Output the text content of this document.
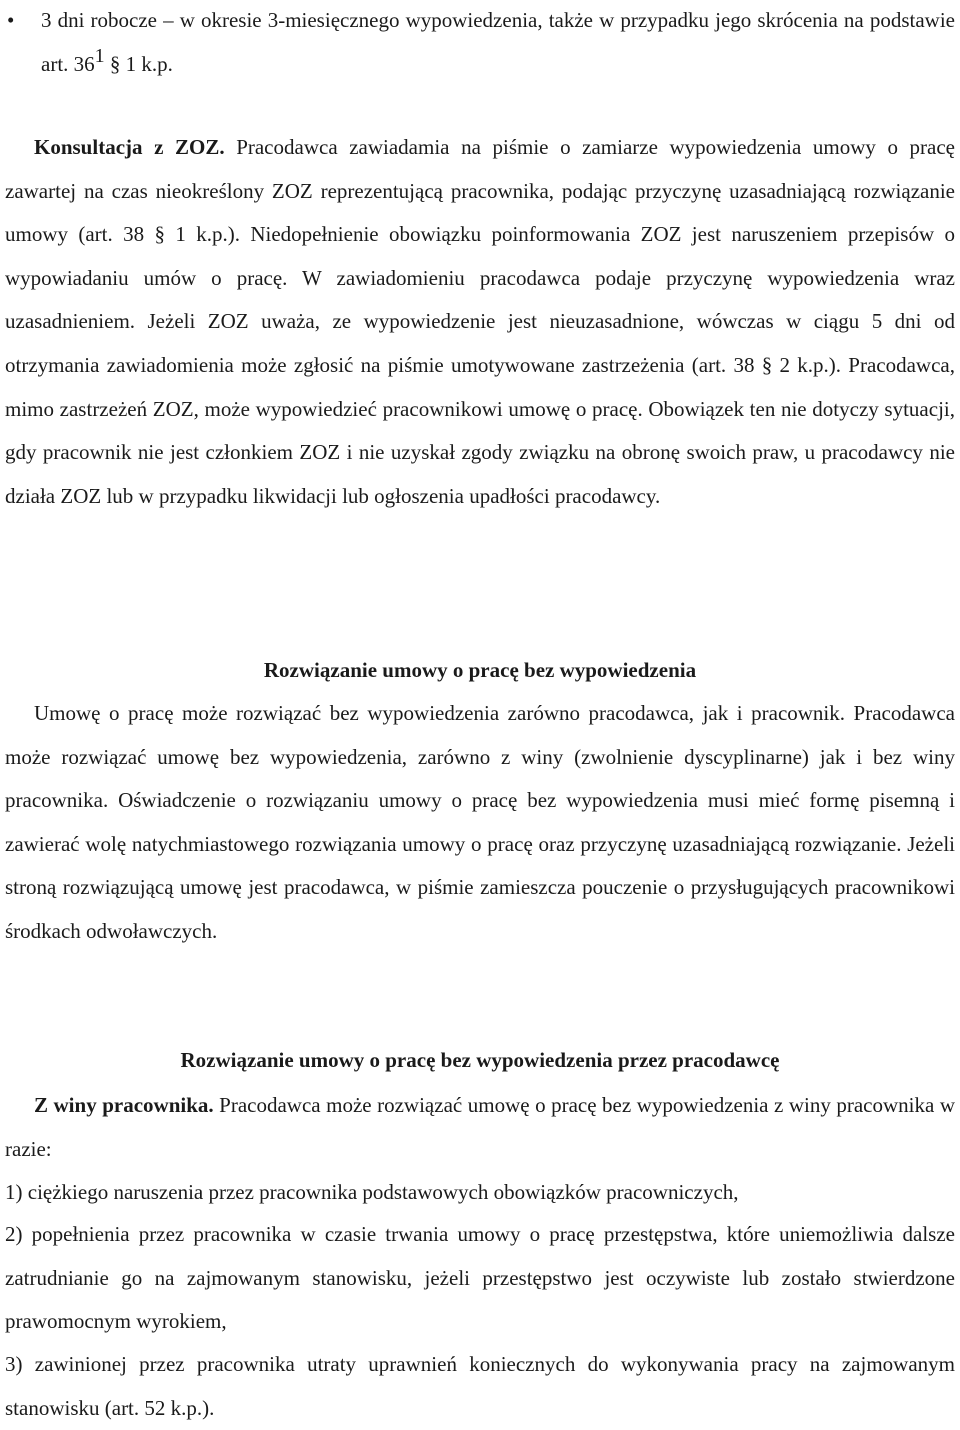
•	3 dni robocze – w okresie 3-miesięcznego wypowiedzenia, także w przypadku jego skrócenia na podstawie art. 361 § 1 k.p.
Konsultacja z ZOZ. Pracodawca zawiadamia na piśmie o zamiarze wypowiedzenia umowy o pracę zawartej na czas nieokreślony ZOZ reprezentującą pracownika, podając przyczynę uzasadniającą rozwiązanie umowy (art. 38 § 1 k.p.). Niedopełnienie obowiązku poinformowania ZOZ jest naruszeniem przepisów o wypowiadaniu umów o pracę. W zawiadomieniu pracodawca podaje przyczynę wypowiedzenia wraz uzasadnieniem. Jeżeli ZOZ uważa, ze wypowiedzenie jest nieuzasadnione, wówczas w ciągu 5 dni od otrzymania zawiadomienia może zgłosić na piśmie umotywowane zastrzeżenia (art. 38 § 2 k.p.). Pracodawca, mimo zastrzeżeń ZOZ, może wypowiedzieć pracownikowi umowę o pracę. Obowiązek ten nie dotyczy sytuacji, gdy pracownik nie jest członkiem ZOZ i nie uzyskał zgody związku na obronę swoich praw, u pracodawcy nie działa ZOZ lub w przypadku likwidacji lub ogłoszenia upadłości pracodawcy.
Rozwiązanie umowy o pracę bez wypowiedzenia
Umowę o pracę może rozwiązać bez wypowiedzenia zarówno pracodawca, jak i pracownik. Pracodawca może rozwiązać umowę bez wypowiedzenia, zarówno z winy (zwolnienie dyscyplinarne) jak i bez winy pracownika. Oświadczenie o rozwiązaniu umowy o pracę bez wypowiedzenia musi mieć formę pisemną i zawierać wolę natychmiastowego rozwiązania umowy o pracę oraz przyczynę uzasadniającą rozwiązanie. Jeżeli stroną rozwiązującą umowę jest pracodawca, w piśmie zamieszcza pouczenie o przysługujących pracownikowi środkach odwoławczych.
Rozwiązanie umowy o pracę bez wypowiedzenia przez pracodawcę
Z winy pracownika. Pracodawca może rozwiązać umowę o pracę bez wypowiedzenia z winy pracownika w razie:
1) ciężkiego naruszenia przez pracownika podstawowych obowiązków pracowniczych,
2) popełnienia przez pracownika w czasie trwania umowy o pracę przestępstwa, które uniemożliwia dalsze zatrudnianie go na zajmowanym stanowisku, jeżeli przestępstwo jest oczywiste lub zostało stwierdzone prawomocnym wyrokiem,
3) zawinionej przez pracownika utraty uprawnień koniecznych do wykonywania pracy na zajmowanym stanowisku (art. 52 k.p.).
